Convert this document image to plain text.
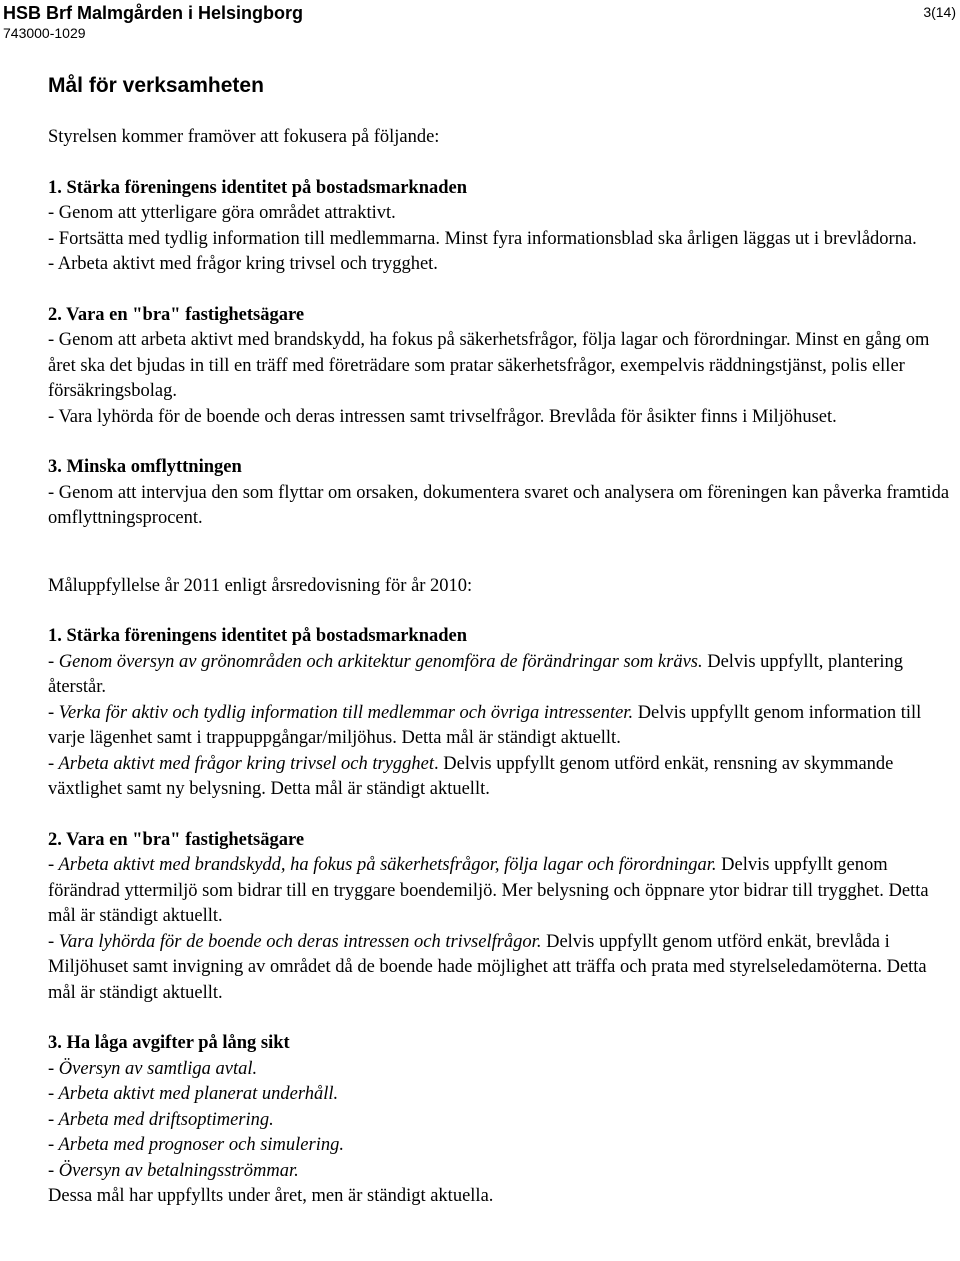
HSB Brf Malmgården i Helsingborg
743000-1029
3(14)
Mål för verksamheten

Styrelsen kommer framöver att fokusera på följande:

1. Stärka föreningens identitet på bostadsmarknaden

- Genom att ytterligare göra området attraktivt.

- Fortsätta med tydlig information till medlemmarna. Minst fyra informationsblad ska årligen läggas ut i brevlådorna.

- Arbeta aktivt med frågor kring trivsel och trygghet.

2. Vara en "bra" fastighetsägare

- Genom att arbeta aktivt med brandskydd, ha fokus på säkerhetsfrågor, följa lagar och förordningar. Minst en gång om året ska det bjudas in till en träff med företrädare som pratar säkerhetsfrågor, exempelvis räddningstjänst, polis eller försäkringsbolag.

- Vara lyhörda för de boende och deras intressen samt trivselfrågor. Brevlåda för åsikter finns i Miljöhuset.

3. Minska omflyttningen

- Genom att intervjua den som flyttar om orsaken, dokumentera svaret och analysera om föreningen kan påverka framtida omflyttningsprocent.

Måluppfyllelse år 2011 enligt årsredovisning för år 2010:

1. Stärka föreningens identitet på bostadsmarknaden

- Genom översyn av grönområden och arkitektur genomföra de förändringar som krävs. Delvis uppfyllt, plantering återstår.

- Verka för aktiv och tydlig information till medlemmar och övriga intressenter. Delvis uppfyllt genom information till varje lägenhet samt i trappuppgångar/miljöhus. Detta mål är ständigt aktuellt.

- Arbeta aktivt med frågor kring trivsel och trygghet. Delvis uppfyllt genom utförd enkät, rensning av skymmande växtlighet samt ny belysning. Detta mål är ständigt aktuellt.

2. Vara en "bra" fastighetsägare

- Arbeta aktivt med brandskydd, ha fokus på säkerhetsfrågor, följa lagar och förordningar. Delvis uppfyllt genom förändrad yttermiljö som bidrar till en tryggare boendemiljö. Mer belysning och öppnare ytor bidrar till trygghet. Detta mål är ständigt aktuellt.

- Vara lyhörda för de boende och deras intressen och trivselfrågor. Delvis uppfyllt genom utförd enkät, brevlåda i Miljöhuset samt invigning av området då de boende hade möjlighet att träffa och prata med styrelseledamöterna. Detta mål är ständigt aktuellt.

3. Ha låga avgifter på lång sikt

- Översyn av samtliga avtal.

- Arbeta aktivt med planerat underhåll.

- Arbeta med driftsoptimering.

- Arbeta med prognoser och simulering.

- Översyn av betalningsströmmar.

Dessa mål har uppfyllts under året, men är ständigt aktuella.
